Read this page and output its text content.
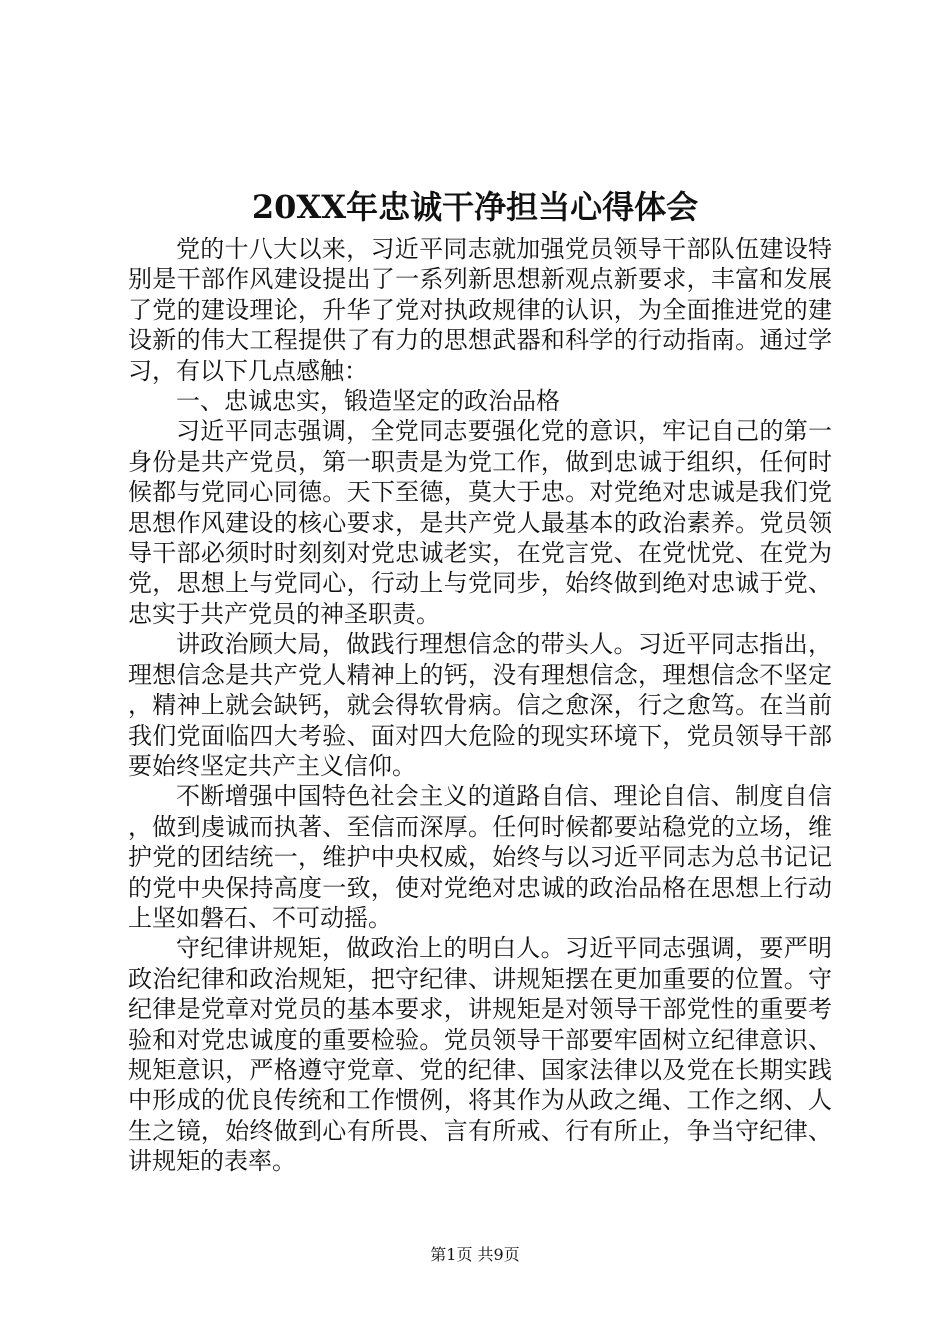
20XX年忠诚干净担当心得体会

党的十八大以来，习近平同志就加强党员领导干部队伍建设特别是干部作风建设提出了一系列新思想新观点新要求，丰富和发展了党的建设理论，升华了党对执政规律的认识，为全面推进党的建设新的伟大工程提供了有力的思想武器和科学的行动指南。通过学习，有以下几点感触：

一、忠诚忠实，锻造坚定的政治品格

习近平同志强调，全党同志要强化党的意识，牢记自己的第一身份是共产党员，第一职责是为党工作，做到忠诚于组织，任何时候都与党同心同德。天下至德，莫大于忠。对党绝对忠诚是我们党思想作风建设的核心要求，是共产党人最基本的政治素养。党员领导干部必须时时刻刻对党忠诚老实，在党言党、在党忧党、在党为党，思想上与党同心，行动上与党同步，始终做到绝对忠诚于党、忠实于共产党员的神圣职责。

讲政治顾大局，做践行理想信念的带头人。习近平同志指出，理想信念是共产党人精神上的钙，没有理想信念，理想信念不坚定，精神上就会缺钙，就会得软骨病。信之愈深，行之愈笃。在当前我们党面临四大考验、面对四大危险的现实环境下，党员领导干部要始终坚定共产主义信仰。

不断增强中国特色社会主义的道路自信、理论自信、制度自信，做到虔诚而执著、至信而深厚。任何时候都要站稳党的立场，维护党的团结统一，维护中央权威，始终与以习近平同志为总书记记的党中央保持高度一致，使对党绝对忠诚的政治品格在思想上行动上坚如磐石、不可动摇。

守纪律讲规矩，做政治上的明白人。习近平同志强调，要严明政治纪律和政治规矩，把守纪律、讲规矩摆在更加重要的位置。守纪律是党章对党员的基本要求，讲规矩是对领导干部党性的重要考验和对党忠诚度的重要检验。党员领导干部要牢固树立纪律意识、规矩意识，严格遵守党章、党的纪律、国家法律以及党在长期实践中形成的优良传统和工作惯例，将其作为从政之绳、工作之纲、人生之镜，始终做到心有所畏、言有所戒、行有所止，争当守纪律、讲规矩的表率。

第1页 共9页
